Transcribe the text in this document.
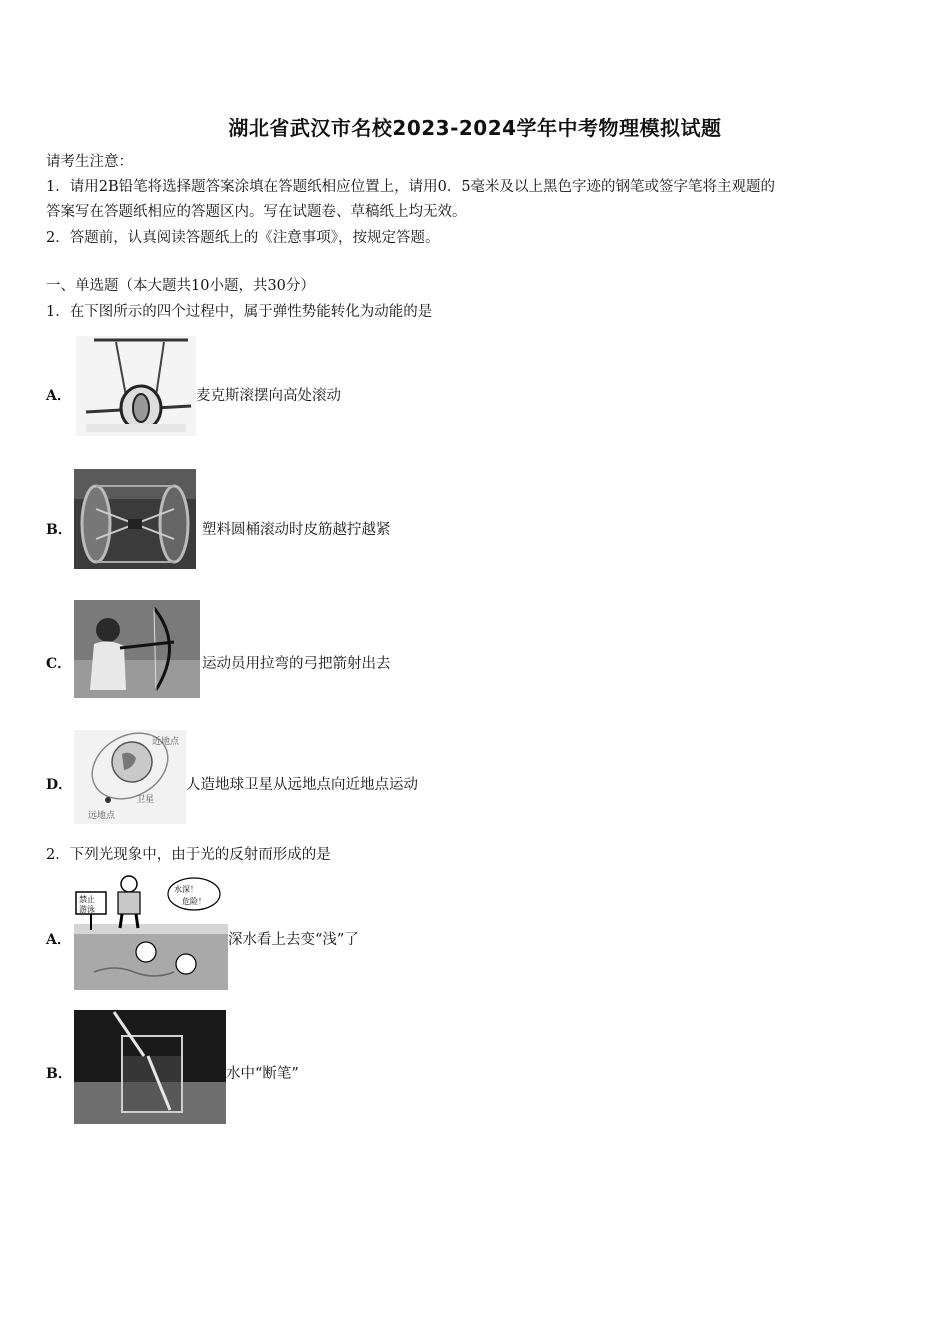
湖北省武汉市名校2023-2024学年中考物理模拟试题
请考生注意：
1．请用2B铅笔将选择题答案涂填在答题纸相应位置上，请用0．5毫米及以上黑色字迹的钢笔或签字笔将主观题的
答案写在答题纸相应的答题区内。写在试题卷、草稿纸上均无效。
2．答题前，认真阅读答题纸上的《注意事项》，按规定答题。
一、单选题（本大题共10小题，共30分）
1．在下图所示的四个过程中，属于弹性势能转化为动能的是
A．	麦克斯滚摆向高处滚动
B．	塑料圆桶滚动时皮筋越拧越紧
C．	运动员用拉弯的弓把箭射出去
D．
近地点
卫星
远地点
人造地球卫星从远地点向近地点运动
2．下列光现象中，由于光的反射而形成的是
A．
禁止
游泳
水深！
危险！
深水看上去变“浅”了
B．	水中“断笔”
